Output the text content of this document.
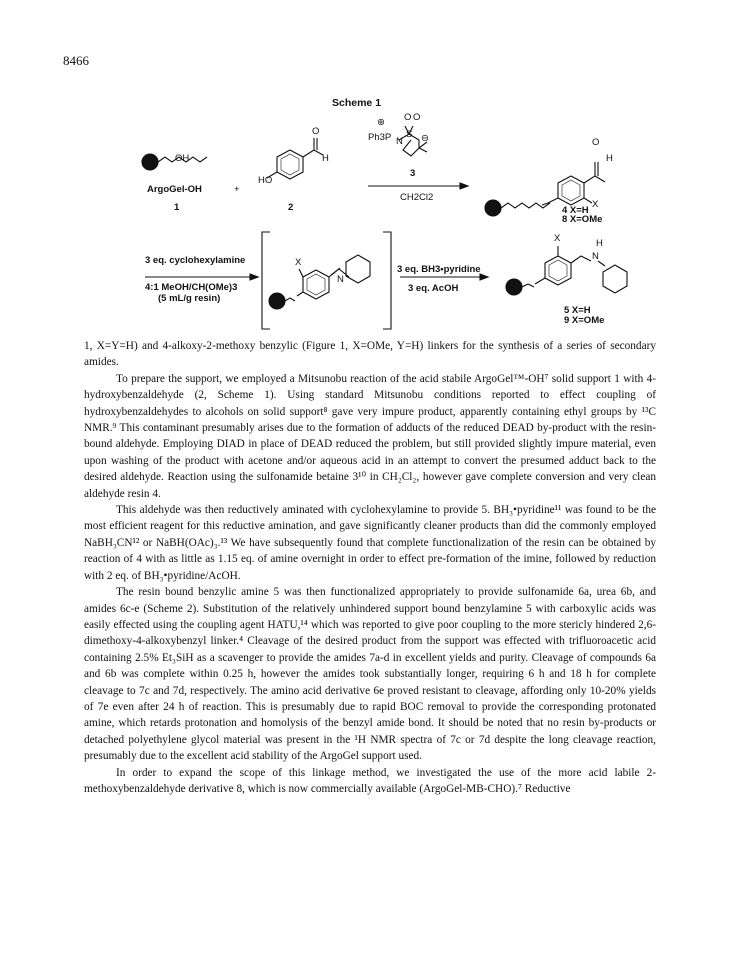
8466
Scheme 1
OH
ArgoGel-OH
1
+
HO
O
H
2
⊕ O O
Ph3P N
S ⊖
3
CH2Cl2
O
H
X
4 X=H
8 X=OMe
3 eq. cyclohexylamine
4:1 MeOH/CH(OMe)3
(5 mL/g resin)
X
N
3 eq. BH3•pyridine
3 eq. AcOH
X
N
H
5 X=H
9 X=OMe

1, X=Y=H) and 4-alkoxy-2-methoxy benzylic (Figure 1, X=OMe, Y=H) linkers for the synthesis of a series of secondary amides.

To prepare the support, we employed a Mitsunobu reaction of the acid stabile ArgoGel™-OH⁷ solid support 1 with 4-hydroxybenzaldehyde (2, Scheme 1). Using standard Mitsunobu conditions reported to effect coupling of hydroxybenzaldehydes to alcohols on solid support⁸ gave very impure product, apparently containing ethyl groups by ¹³C NMR.⁹ This contaminant presumably arises due to the formation of adducts of the reduced DEAD by-product with the resin-bound aldehyde. Employing DIAD in place of DEAD reduced the problem, but still provided slightly impure material, even upon washing of the product with acetone and/or aqueous acid in an attempt to convert the presumed adduct back to the desired aldehyde. Reaction using the sulfonamide betaine 3¹⁰ in CH₂Cl₂, however gave complete conversion and very clean aldehyde resin 4.

This aldehyde was then reductively aminated with cyclohexylamine to provide 5. BH₃•pyridine¹¹ was found to be the most efficient reagent for this reductive amination, and gave significantly cleaner products than did the commonly employed NaBH₃CN¹² or NaBH(OAc)₃.¹³ We have subsequently found that complete functionalization of the resin can be obtained by reaction of 4 with as little as 1.15 eq. of amine overnight in order to effect pre-formation of the imine, followed by reduction with 2 eq. of BH₃•pyridine/AcOH.

The resin bound benzylic amine 5 was then functionalized appropriately to provide sulfonamide 6a, urea 6b, and amides 6c-e (Scheme 2). Substitution of the relatively unhindered support bound benzylamine 5 with carboxylic acids was easily effected using the coupling agent HATU,¹⁴ which was reported to give poor coupling to the more stericly hindered 2,6-dimethoxy-4-alkoxybenzyl linker.⁴ Cleavage of the desired product from the support was effected with trifluoroacetic acid containing 2.5% Et₃SiH as a scavenger to provide the amides 7a-d in excellent yields and purity. Cleavage of compounds 6a and 6b was complete within 0.25 h, however the amides took substantially longer, requiring 6 h and 18 h for complete cleavage to 7c and 7d, respectively. The amino acid derivative 6e proved resistant to cleavage, affording only 10-20% yields of 7e even after 24 h of reaction. This is presumably due to rapid BOC removal to provide the corresponding protonated amine, which retards protonation and homolysis of the benzyl amide bond. It should be noted that no resin by-products or detached polyethylene glycol material was present in the ¹H NMR spectra of 7c or 7d despite the long cleavage reaction, presumably due to the excellent acid stability of the ArgoGel support used.

In order to expand the scope of this linkage method, we investigated the use of the more acid labile 2-methoxybenzaldehyde derivative 8, which is now commercially available (ArgoGel-MB-CHO).⁷ Reductive
